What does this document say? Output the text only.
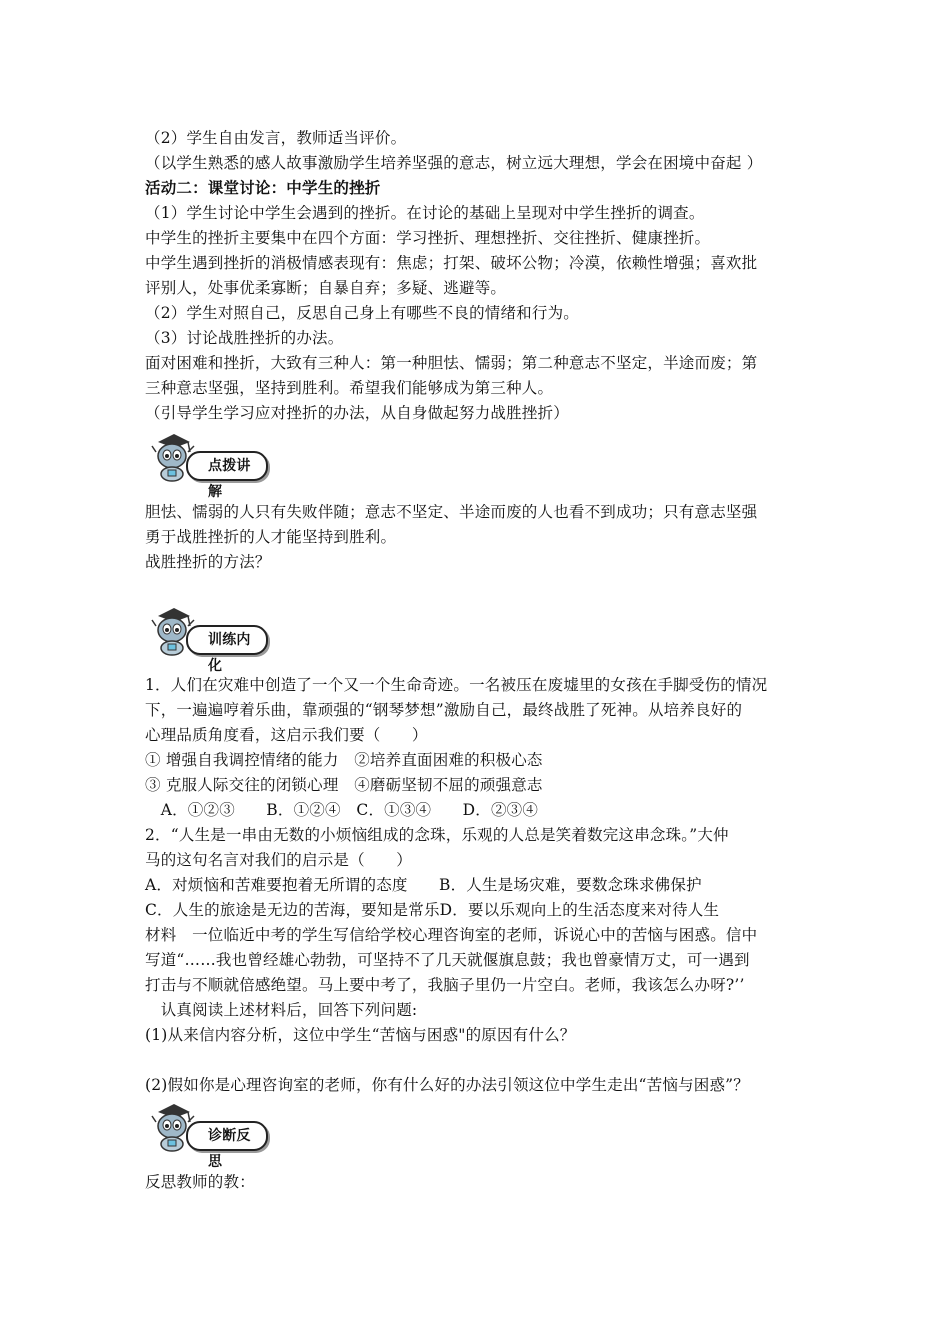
（2）学生自由发言，教师适当评价。
（以学生熟悉的感人故事激励学生培养坚强的意志，树立远大理想，学会在困境中奋起 ）
活动二：课堂讨论：中学生的挫折
（1）学生讨论中学生会遇到的挫折。在讨论的基础上呈现对中学生挫折的调查。
中学生的挫折主要集中在四个方面：学习挫折、理想挫折、交往挫折、健康挫折。
中学生遇到挫折的消极情感表现有：焦虑；打架、破坏公物；冷漠，依赖性增强；喜欢批
评别人，处事优柔寡断；自暴自弃；多疑、逃避等。
（2）学生对照自己，反思自己身上有哪些不良的情绪和行为。
（3）讨论战胜挫折的办法。
面对困难和挫折，大致有三种人：第一种胆怯、懦弱；第二种意志不坚定，半途而废；第
三种意志坚强，坚持到胜利。希望我们能够成为第三种人。
（引导学生学习应对挫折的办法，从自身做起努力战胜挫折）
点拨讲解
胆怯、懦弱的人只有失败伴随；意志不坚定、半途而废的人也看不到成功；只有意志坚强
勇于战胜挫折的人才能坚持到胜利。
战胜挫折的方法？
训练内化
1．人们在灾难中创造了一个又一个生命奇迹。一名被压在废墟里的女孩在手脚受伤的情况
下，一遍遍哼着乐曲，靠顽强的“钢琴梦想”激励自己，最终战胜了死神。从培养良好的
心理品质角度看，这启示我们要（　　）
① 增强自我调控情绪的能力　②培养直面困难的积极心态
③ 克服人际交往的闭锁心理　④磨砺坚韧不屈的顽强意志
　A．①②③　　B．①②④　C．①③④　　D．②③④
2．“人生是一串由无数的小烦恼组成的念珠，乐观的人总是笑着数完这串念珠。”大仲
马的这句名言对我们的启示是（　　）
A．对烦恼和苦难要抱着无所谓的态度　　B．人生是场灾难，要数念珠求佛保护
C．人生的旅途是无边的苦海，要知是常乐D．要以乐观向上的生活态度来对待人生
材料　一位临近中考的学生写信给学校心理咨询室的老师，诉说心中的苦恼与困惑。信中
写道“……我也曾经雄心勃勃，可坚持不了几天就偃旗息鼓；我也曾豪情万丈，可一遇到
打击与不顺就倍感绝望。马上要中考了，我脑子里仍一片空白。老师，我该怎么办呀?’’
　认真阅读上述材料后，回答下列问题:
(1)从来信内容分析，这位中学生“苦恼与困惑"的原因有什么？
(2)假如你是心理咨询室的老师，你有什么好的办法引领这位中学生走出“苦恼与困惑”？
诊断反思
反思教师的教：
